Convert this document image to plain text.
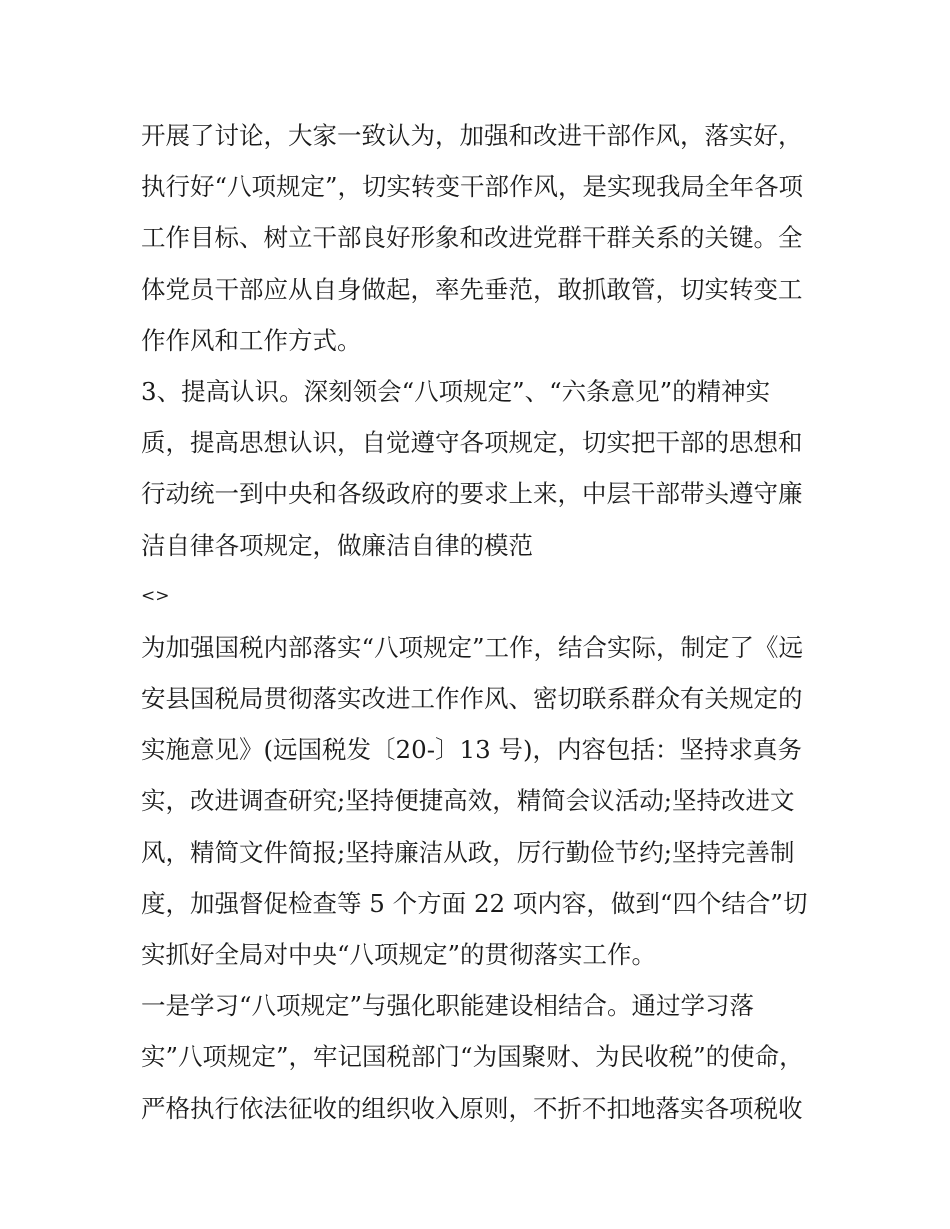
开展了讨论，大家一致认为，加强和改进干部作风，落实好，
执行好“八项规定”，切实转变干部作风，是实现我局全年各项
工作目标、树立干部良好形象和改进党群干群关系的关键。全
体党员干部应从自身做起，率先垂范，敢抓敢管，切实转变工
作作风和工作方式。
3、提高认识。深刻领会“八项规定”、“六条意见”的精神实
质，提高思想认识，自觉遵守各项规定，切实把干部的思想和
行动统一到中央和各级政府的要求上来，中层干部带头遵守廉
洁自律各项规定，做廉洁自律的模范
<>
为加强国税内部落实“八项规定”工作，结合实际，制定了《远
安县国税局贯彻落实改进工作作风、密切联系群众有关规定的
实施意见》(远国税发〔20-〕13 号)，内容包括：坚持求真务
实，改进调查研究;坚持便捷高效，精简会议活动;坚持改进文
风，精简文件简报;坚持廉洁从政，厉行勤俭节约;坚持完善制
度，加强督促检查等 5 个方面 22 项内容，做到“四个结合”切
实抓好全局对中央“八项规定”的贯彻落实工作。
一是学习“八项规定”与强化职能建设相结合。通过学习落
实”八项规定”，牢记国税部门“为国聚财、为民收税”的使命，
严格执行依法征收的组织收入原则，不折不扣地落实各项税收
